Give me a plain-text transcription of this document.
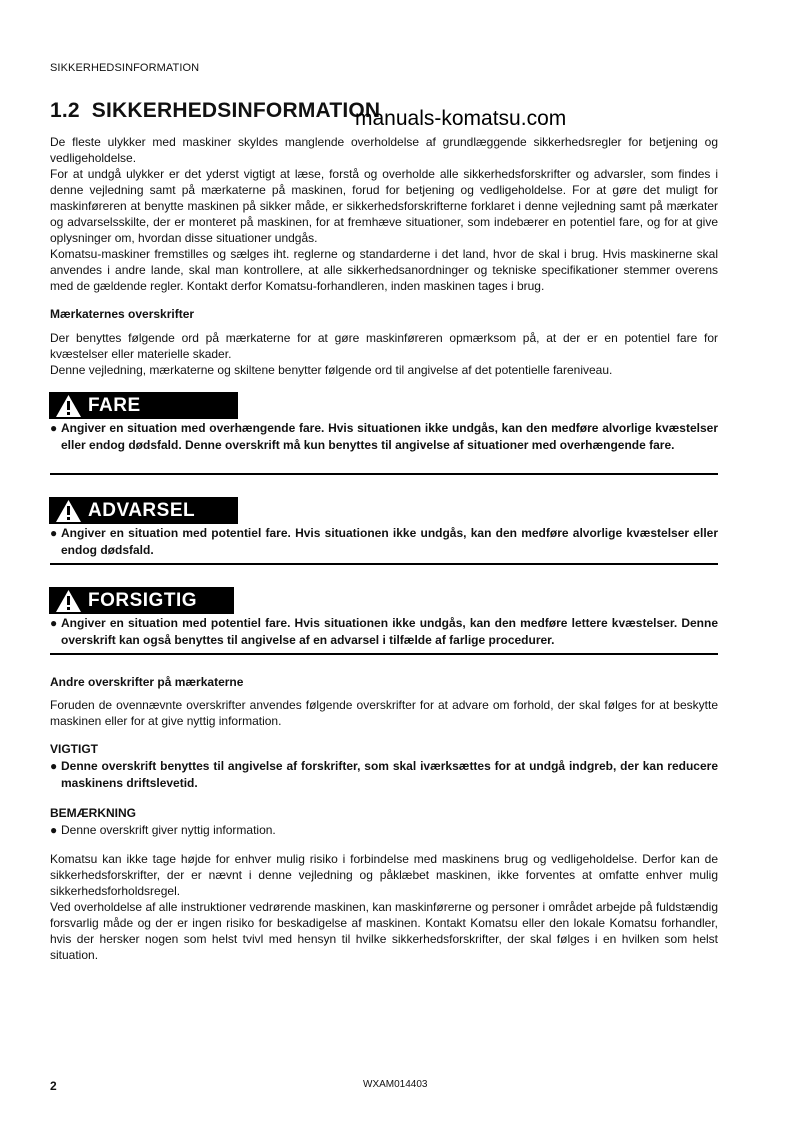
SIKKERHEDSINFORMATION
1.2 SIKKERHEDSINFORMATION
manuals-komatsu.com

De fleste ulykker med maskiner skyldes manglende overholdelse af grundlæggende sikkerhedsregler for betjening og vedligeholdelse.

For at undgå ulykker er det yderst vigtigt at læse, forstå og overholde alle sikkerhedsforskrifter og advarsler, som findes i denne vejledning samt på mærkaterne på maskinen, forud for betjening og vedligeholdelse. For at gøre det muligt for maskinføreren at benytte maskinen på sikker måde, er sikkerhedsforskrifterne forklaret i denne vejledning samt på mærkater og advarselsskilte, der er monteret på maskinen, for at fremhæve situationer, som indebærer en potentiel fare, og for at give oplysninger om, hvordan disse situationer undgås.

Komatsu-maskiner fremstilles og sælges iht. reglerne og standarderne i det land, hvor de skal i brug. Hvis maskinerne skal anvendes i andre lande, skal man kontrollere, at alle sikkerhedsanordninger og tekniske specifikationer stemmer overens med de gældende regler. Kontakt derfor Komatsu-forhandleren, inden maskinen tages i brug.

Mærkaternes overskrifter

Der benyttes følgende ord på mærkaterne for at gøre maskinføreren opmærksom på, at der er en potentiel fare for kvæstelser eller materielle skader.

Denne vejledning, mærkaterne og skiltene benytter følgende ord til angivelse af det potentielle fareniveau.

FARE
● Angiver en situation med overhængende fare. Hvis situationen ikke undgås, kan den medføre alvorlige kvæstelser eller endog dødsfald. Denne overskrift må kun benyttes til angivelse af situationer med overhængende fare.
ADVARSEL
● Angiver en situation med potentiel fare. Hvis situationen ikke undgås, kan den medføre alvorlige kvæstelser eller endog dødsfald.
FORSIGTIG
● Angiver en situation med potentiel fare. Hvis situationen ikke undgås, kan den medføre lettere kvæstelser. Denne overskrift kan også benyttes til angivelse af en advarsel i tilfælde af farlige procedurer.
Andre overskrifter på mærkaterne
Foruden de ovennævnte overskrifter anvendes følgende overskrifter for at advare om forhold, der skal følges for at beskytte maskinen eller for at give nyttig information.
VIGTIGT
● Denne overskrift benyttes til angivelse af forskrifter, som skal iværksættes for at undgå indgreb, der kan reducere maskinens driftslevetid.
BEMÆRKNING
● Denne overskrift giver nyttig information.

Komatsu kan ikke tage højde for enhver mulig risiko i forbindelse med maskinens brug og vedligeholdelse. Derfor kan de sikkerhedsforskrifter, der er nævnt i denne vejledning og påklæbet maskinen, ikke forventes at omfatte enhver mulig sikkerhedsforholdsregel.

Ved overholdelse af alle instruktioner vedrørende maskinen, kan maskinførerne og personer i området arbejde på fuldstændig forsvarlig måde og der er ingen risiko for beskadigelse af maskinen. Kontakt Komatsu eller den lokale Komatsu forhandler, hvis der hersker nogen som helst tvivl med hensyn til hvilke sikkerhedsforskrifter, der skal følges i en hvilken som helst situation.

2	WXAM014403
